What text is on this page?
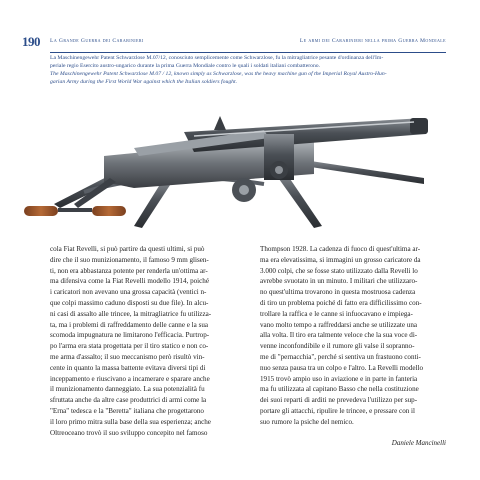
190 La Grande Guerra dei Carabinieri	Le armi dei Carabinieri nella prima Guerra Mondiale
La Maschinengewehr Patent Schwarzlose M.07/12, conosciuto semplicemente come Schwarzlose, fu la mitragliatrice pesante d'ordinanza dell'Im-
periale regio Esercito austro-ungarico durante la prima Guerra Mondiale contro le quali i soldati italiani combatterono.
The Maschinengewehr Patent Schwarzlose M.07 / 12, known simply as Schwarzlose, was the heavy machine gun of the Imperial Royal Austro-Hun-
garian Army during the First World War against which the Italian soldiers fought.
cola Fiat Revelli, si può partire da questi ultimi, si può
dire che il suo munizionamento, il famoso 9 mm glisen-
ti, non era abbastanza potente per renderla un'ottima ar-
ma difensiva come la Fiat Revelli modello 1914, poiché
i caricatori non avevano una grossa capacità (ventici n-
que colpi massimo caduno disposti su due file). In alcu-
ni casi di assalto alle trincee, la mitragliatrice fu utilizza-
ta, ma i problemi di raffreddamento delle canne e la sua
scomoda impugnatura ne limitarono l'efficacia. Purtrop-
po l'arma era stata progettata per il tiro statico e non co-
me arma d'assalto; il suo meccanismo però risultò vin-
cente in quanto la massa battente evitava diversi tipi di
inceppamento e riuscivano a incamerare e sparare anche
il munizionamento danneggiato. La sua potenzialità fu
sfruttata anche da altre case produttrici di armi come la
"Erna" tedesca e la "Beretta" italiana che progettarono
il loro primo mitra sulla base della sua esperienza; anche
Oltreoceano trovò il suo sviluppo concepito nel famoso
Thompson 1928. La cadenza di fuoco di quest'ultima ar-
ma era elevatissima, si immagini un grosso caricatore da
3.000 colpi, che se fosse stato utilizzato dalla Revelli lo
avrebbe svuotato in un minuto. I militari che utilizzaro-
no quest'ultima trovarono in questa mostruosa cadenza
di tiro un problema poiché di fatto era difficilissimo con-
trollare la raffica e le canne si infuocavano e impiega-
vano molto tempo a raffreddarsi anche se utilizzate una
alla volta. Il tiro era talmente veloce che la sua voce di-
venne inconfondibile e il rumore gli valse il sopranno-
me di "pernacchia", perché si sentiva un frastuono conti-
nuo senza pausa tra un colpo e l'altro. La Revelli modello
1915 trovò ampio uso in aviazione e in parte in fanteria
ma fu utilizzata al capitano Basso che nella costituzione
dei suoi reparti di arditi ne prevedeva l'utilizzo per sup-
portare gli attacchi, ripulire le trincee, e pressare con il
suo rumore la psiche del nemico.
Daniele Mancinelli
